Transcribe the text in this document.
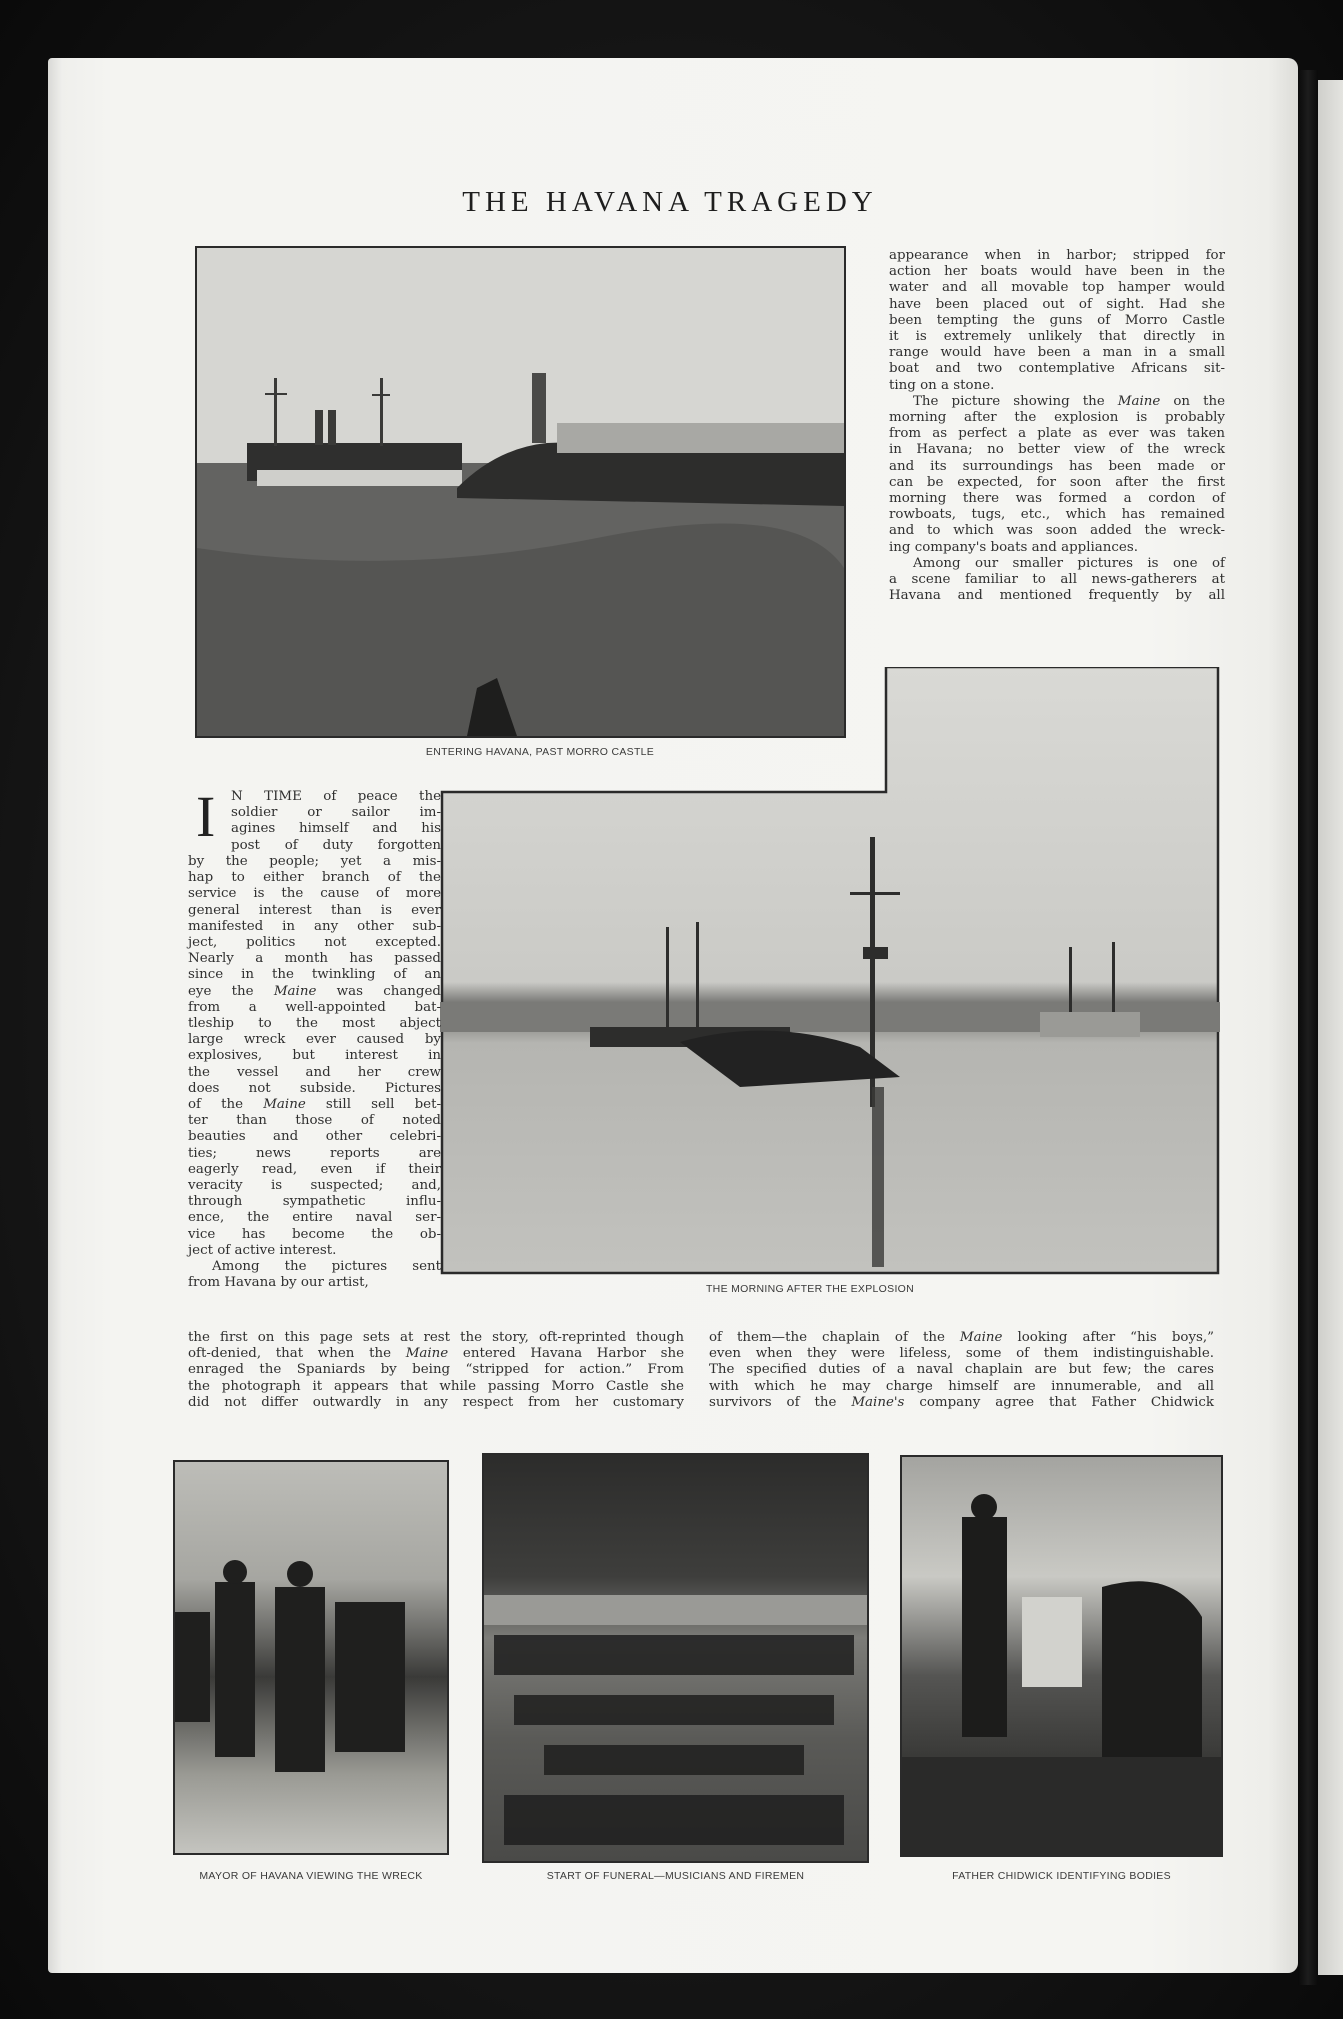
THE HAVANA TRAGEDY
ENTERING HAVANA, PAST MORRO CASTLE
THE MORNING AFTER THE EXPLOSION
appearance when in harbor; stripped for
action her boats would have been in the
water and all movable top hamper would
have been placed out of sight. Had she
been tempting the guns of Morro Castle
it is extremely unlikely that directly in
range would have been a man in a small
boat and two contemplative Africans sit-
ting on a stone.
The picture showing the Maine on the
morning after the explosion is probably
from as perfect a plate as ever was taken
in Havana; no better view of the wreck
and its surroundings has been made or
can be expected, for soon after the first
morning there was formed a cordon of
rowboats, tugs, etc., which has remained
and to which was soon added the wreck-
ing company's boats and appliances.
Among our smaller pictures is one of
a scene familiar to all news-gatherers at
Havana and mentioned frequently by all
I N TIME of peace the
soldier or sailor im-
agines himself and his
post of duty forgotten
by the people; yet a mis-
hap to either branch of the
service is the cause of more
general interest than is ever
manifested in any other sub-
ject, politics not excepted.
Nearly a month has passed
since in the twinkling of an
eye the Maine was changed
from a well-appointed bat-
tleship to the most abject
large wreck ever caused by
explosives, but interest in
the vessel and her crew
does not subside. Pictures
of the Maine still sell bet-
ter than those of noted
beauties and other celebri-
ties; news reports are
eagerly read, even if their
veracity is suspected; and,
through sympathetic influ-
ence, the entire naval ser-
vice has become the ob-
ject of active interest.
Among the pictures sent
from Havana by our artist,
the first on this page sets at rest the story, oft-reprinted though
oft-denied, that when the Maine entered Havana Harbor she
enraged the Spaniards by being “stripped for action.” From
the photograph it appears that while passing Morro Castle she
did not differ outwardly in any respect from her customary
of them—the chaplain of the Maine looking after “his boys,”
even when they were lifeless, some of them indistinguishable.
The specified duties of a naval chaplain are but few; the cares
with which he may charge himself are innumerable, and all
survivors of the Maine's company agree that Father Chidwick
MAYOR OF HAVANA VIEWING THE WRECK	START OF FUNERAL—MUSICIANS AND FIREMEN	FATHER CHIDWICK IDENTIFYING BODIES
